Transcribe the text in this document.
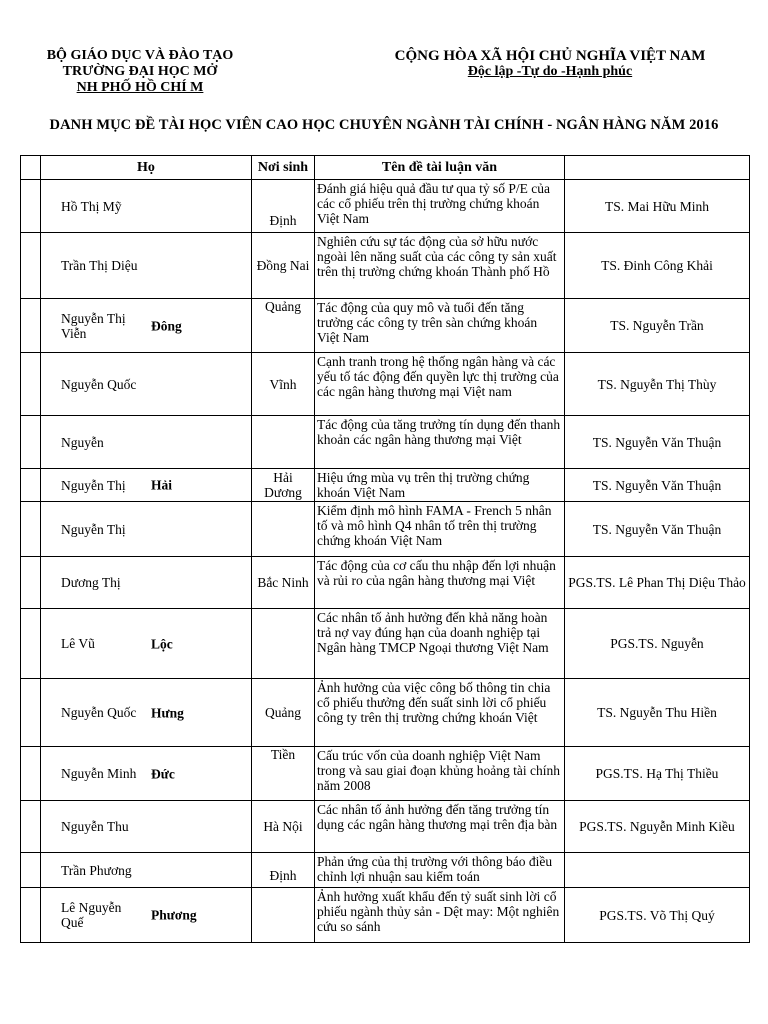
BỘ GIÁO DỤC VÀ ĐÀO TẠO
TRƯỜNG ĐẠI HỌC MỞ
NH PHỐ HỒ CHÍ M
CỘNG HÒA XÃ HỘI CHỦ NGHĨA VIỆT NAM
Độc lập -Tự do -Hạnh phúc
DANH MỤC ĐỀ TÀI HỌC VIÊN CAO HỌC CHUYÊN NGÀNH TÀI CHÍNH - NGÂN HÀNG NĂM 2016
	Họ	Nơi sinh	Tên đề tài luận văn	
	Hồ Thị Mỹ	Định	Đánh giá hiệu quả đầu tư qua tỷ số P/E của các cổ phiếu trên thị trường chứng khoán Việt Nam	TS. Mai Hữu Minh
	Trần Thị Diệu	Đồng Nai	Nghiên cứu sự tác động của sở hữu nước ngoài lên năng suất của các công ty sản xuất trên thị trường chứng khoán Thành phố Hồ	TS. Đinh Công Khải
	Nguyễn Thị Viễn Đông	Quảng	Tác động của quy mô và tuổi đến tăng trưởng các công ty trên sàn chứng khoán Việt Nam	TS. Nguyễn Trần
	Nguyễn Quốc	Vĩnh	Cạnh tranh trong hệ thống ngân hàng và các yếu tố tác động đến quyền lực thị trường của các ngân hàng thương mại Việt nam	TS. Nguyễn Thị Thùy
	Nguyễn		Tác động của tăng trưởng tín dụng đến thanh khoản các ngân hàng thương mại Việt	TS. Nguyễn Văn Thuận
	Nguyễn Thị Hải	Hải Dương	Hiệu ứng mùa vụ trên thị trường chứng khoán Việt Nam	TS. Nguyễn Văn Thuận
	Nguyễn Thị		Kiểm định mô hình FAMA - French 5 nhân tố và mô hình Q4 nhân tố trên thị trường chứng khoán Việt Nam	TS. Nguyễn Văn Thuận
	Dương Thị	Bắc Ninh	Tác động của cơ cấu thu nhập đến lợi nhuận và rủi ro của ngân hàng thương mại Việt	PGS.TS. Lê Phan Thị Diệu Thảo
	Lê Vũ Lộc		Các nhân tố ảnh hưởng đến khả năng hoàn trả nợ vay đúng hạn của doanh nghiệp tại Ngân hàng TMCP Ngoại thương Việt Nam	PGS.TS. Nguyễn
	Nguyễn Quốc Hưng	Quảng	Ảnh hưởng của việc công bố thông tin chia cổ phiếu thưởng đến suất sinh lời cổ phiếu công ty trên thị trường chứng khoán Việt	TS. Nguyễn Thu Hiền
	Nguyễn Minh Đức	Tiền	Cấu trúc vốn của doanh nghiệp Việt Nam trong và sau giai đoạn khủng hoảng tài chính năm 2008	PGS.TS. Hạ Thị Thiều
	Nguyễn Thu	Hà Nội	Các nhân tố ảnh hưởng đến tăng trưởng tín dụng các ngân hàng thương mại trên địa bàn	PGS.TS. Nguyễn Minh Kiều
	Trần Phương	Định	Phản ứng của thị trường với thông báo điều chỉnh lợi nhuận sau kiểm toán	
	Lê Nguyễn Quế Phương		Ảnh hưởng xuất khẩu đến tỷ suất sinh lời cổ phiếu ngành thủy sản - Dệt may: Một nghiên cứu so sánh	PGS.TS. Võ Thị Quý
